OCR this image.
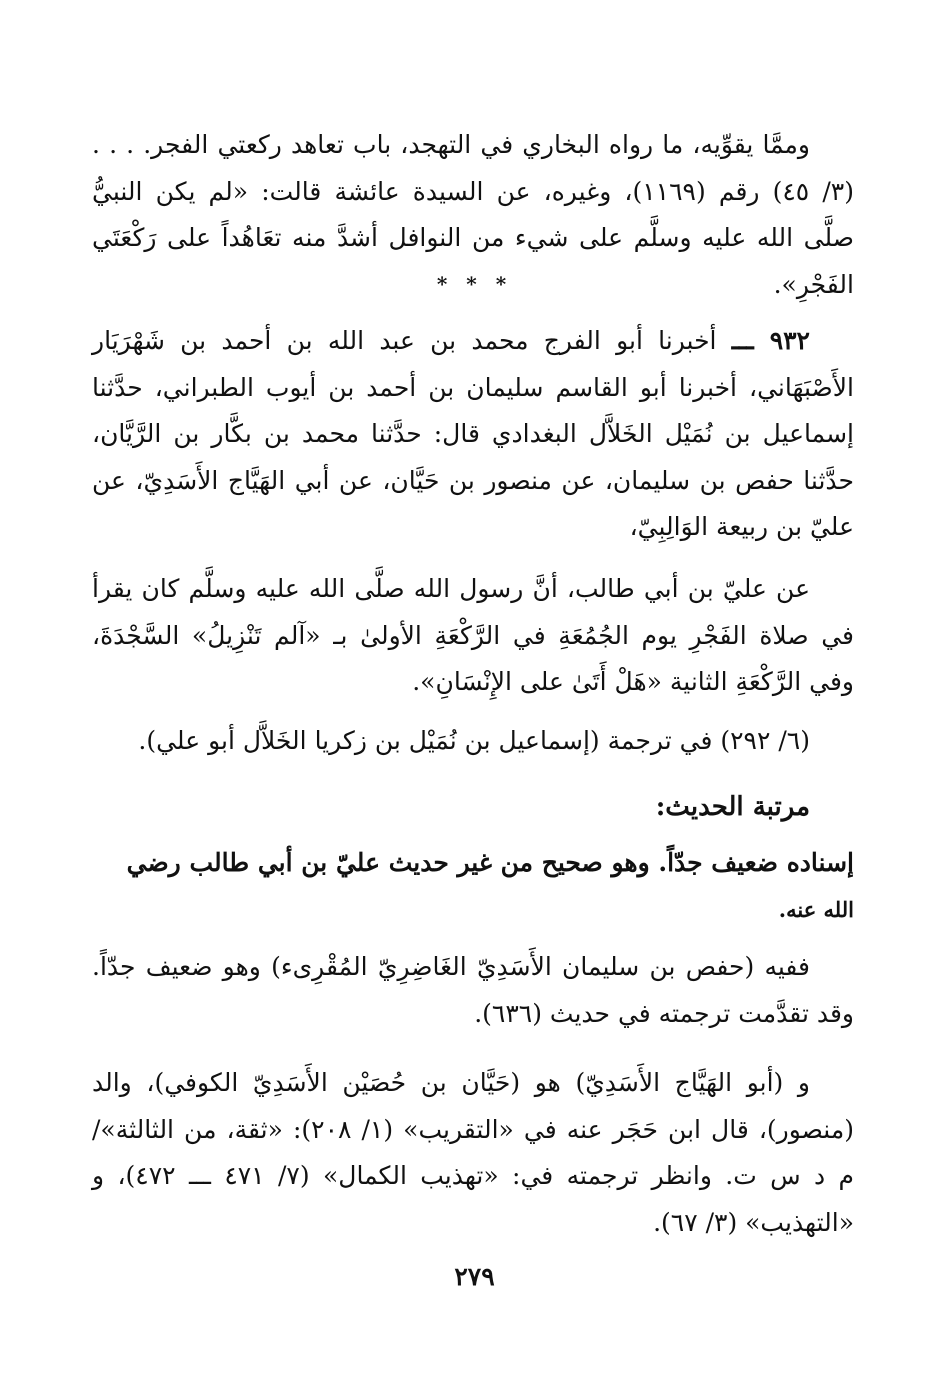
وممَّا يقوِّيه، ما رواه البخاري في التهجد، باب تعاهد ركعتي الفجر. . . . (٣/ ٤٥) رقم (١١٦٩)، وغيره، عن السيدة عائشة قالت: «لم يكن النبيُّ صلَّى الله عليه وسلَّم على شيء من النوافل أشدَّ منه تعَاهُداً على رَكْعَتَي الفَجْرِ».

* * *

٩٣٢ ـــ أخبرنا أبو الفرج محمد بن عبد الله بن أحمد بن شَهْرَيَار الأَصْبَهَاني، أخبرنا أبو القاسم سليمان بن أحمد بن أيوب الطبراني، حدَّثنا إسماعيل بن نُمَيْل الخَلاَّل البغدادي قال: حدَّثنا محمد بن بكَّار بن الرَّيَّان، حدَّثنا حفص بن سليمان، عن منصور بن حَيَّان، عن أبي الهَيَّاج الأَسَدِيّ، عن عليّ بن ربيعة الوَالِبِيّ،

عن عليّ بن أبي طالب، أنَّ رسول الله صلَّى الله عليه وسلَّم كان يقرأ في صلاة الفَجْرِ يوم الجُمُعَةِ في الرَّكْعَةِ الأولىٰ بـ «آلم تَنْزِيلُ» السَّجْدَةَ، وفي الرَّكْعَةِ الثانية «هَلْ أَتَىٰ على الإِنْسَانِ».

(٦/ ٢٩٢) في ترجمة (إسماعيل بن نُمَيْل بن زكريا الخَلاَّل أبو علي).

مرتبة الحديث:

إسناده ضعيف جدّاً. وهو صحيح من غير حديث عليّ بن أبي طالب رضي

الله عنه.

ففيه (حفص بن سليمان الأَسَدِيّ الغَاضِرِيّ المُقْرِىء) وهو ضعيف جدّاً. وقد تقدَّمت ترجمته في حديث (٦٣٦).

و (أبو الهَيَّاج الأَسَدِيّ) هو (حَيَّان بن حُصَيْن الأَسَدِيّ الكوفي)، والد (منصور)، قال ابن حَجَر عنه في «التقريب» (١/ ٢٠٨): «ثقة، من الثالثة»/ م د س ت. وانظر ترجمته في: «تهذيب الكمال» (٧/ ٤٧١ ـــ ٤٧٢)، و «التهذيب» (٣/ ٦٧).

٢٧٩
